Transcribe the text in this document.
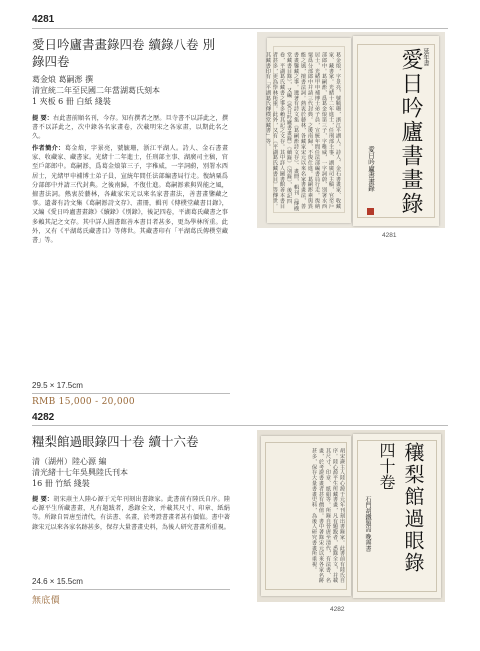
4281
愛日吟廬書畫錄四卷 續錄八卷 別錄四卷
葛金烺 葛嗣浵 撰
清宣統二年至民國二年當湖葛氏刻本
1 夾板 6 冊 白紙 綫裝
提 要：右此書前順名刊，今存。知有撰者之歷。旦寺書不以詳此之，撰書不以詳此之，次中錄各名家畫卷，次載明宋之各家畫，以期此名之久。
作者簡介：葛金烺，字景亮，號毓珊，浙江平湖人。詩人、金石書畫家、收藏家、藏書家。光緒十二年進士，任刑部主事、湖廣司主稿，官至戶部郎中。葛嗣浵，爲葛金烺第三子，字稚威，一字詞蔚，別署水西居士，光緒甲申補博士弟子員，宣統年間任法部編書局行走。復納粟爲分部郎中并請三代封典。之後南歸，不復仕進。葛嗣浵素與異能之風，擅書法詞。熱衷於藝林，各藏家宋元以來名家書畫法，善書畫鑒藏之事。遺著有詩文集《葛嗣浵詩文存》、畫冊，輯刊《傳樸堂藏書目錄》，又編《愛日吟廬書畫錄》《續錄》《別錄》，後記四卷，平湖葛氏藏書之事多賴其記之文存。其中詳人圖書館善本書目者甚多，更為學林所重。此外，又有《平湖葛氏藏書目》等傳世。其藏書印有「平湖葛氏傳樸堂藏書」等。
29.5 × 17.5cm
RMB 15,000 - 20,000
葛金烺，字景亮，號毓珊，浙江平湖人。詩人、金石書畫家、收藏家、藏書家。光緒十二年進士，任刑部主事、湖廣司主稿，官至戶部郎中。葛嗣浵，爲葛金烺第三子，字稚威，一字詞蔚，別署水西居士，光緒甲申補博士弟子員，宣統年間任法部編書局行走。復納粟爲分部郎中并請三代封典。之後南歸，不復仕進。葛嗣浵素與異能之風，擅書法詞。熱衷於藝林，各藏家宋元以來名家書畫法，善書畫鑒藏之事。遺著有詩文集《葛嗣浵詩文存》、畫冊，輯刊《傳樸堂藏書目錄》，又編《愛日吟廬書畫錄》《續錄》《別錄》，後記四卷，平湖葛氏藏書之事多賴其記之文存。其中詳人圖書館善本書目者甚多，更為學林所重。此外，又有《平湖葛氏藏書目》等傳世。其藏書印有「平湖葛氏傳樸堂藏書」等。	愛日吟廬書畫錄 延年書
愛日吟廬書畫錄
4281
4282
糧梨館過眼錄四十卷 續十六卷
清（湖州）陸心源 編
清光緒十七年吳興陸氏刊本
16 冊 竹紙 綫裝
提 要：胡宋燾主人陸心源于元年刊刻出書錄家。此書前有陸氏自序。陸心源平生所藏書畫，凡有題跋者，悉錄全文，并載其尺寸、印章、紙絹等。所錄自晉唐至清代，有法書、名畫，於考證書畫者甚有價值。書中著錄宋元以來各家名跡甚多，保存大量書畫史料，為後人研究書畫所重視。
24.6 × 15.5cm
無底價
胡宋燾主人陸心源于元年刊刻出書錄家。此書前有陸氏自序。陸心源平生所藏書畫，凡有題跋者，悉錄全文，并載其尺寸、印章、紙絹等。所錄自晉唐至清代，有法書、名畫，於考證書畫者甚有價值。書中著錄宋元以來各家名跡甚多，保存大量書畫史料，為後人研究書畫所重視。	穰梨館過眼錄
四十卷
石門胡鐵題耑 晚霽書
4282
